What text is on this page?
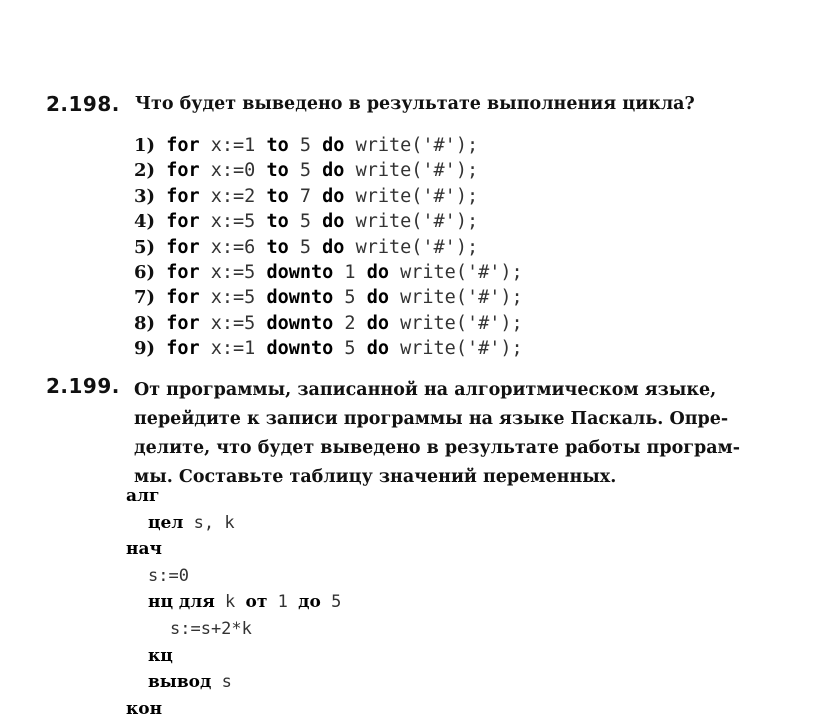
2.198. Что будет выведено в результате выполнения цикла?
1) for x:=1 to 5 do write('#');
2) for x:=0 to 5 do write('#');
3) for x:=2 to 7 do write('#');
4) for x:=5 to 5 do write('#');
5) for x:=6 to 5 do write('#');
6) for x:=5 downto 1 do write('#');
7) for x:=5 downto 5 do write('#');
8) for x:=5 downto 2 do write('#');
9) for x:=1 downto 5 do write('#');
2.199. От программы, записанной на алгоритмическом языке,
перейдите к записи программы на языке Паскаль. Опре-
делите, что будет выведено в результате работы програм-
мы. Составьте таблицу значений переменных.
алг
цел s, k
нач
s:=0
нц для k от 1 до 5
s:=s+2*k
кц
вывод s
кон
